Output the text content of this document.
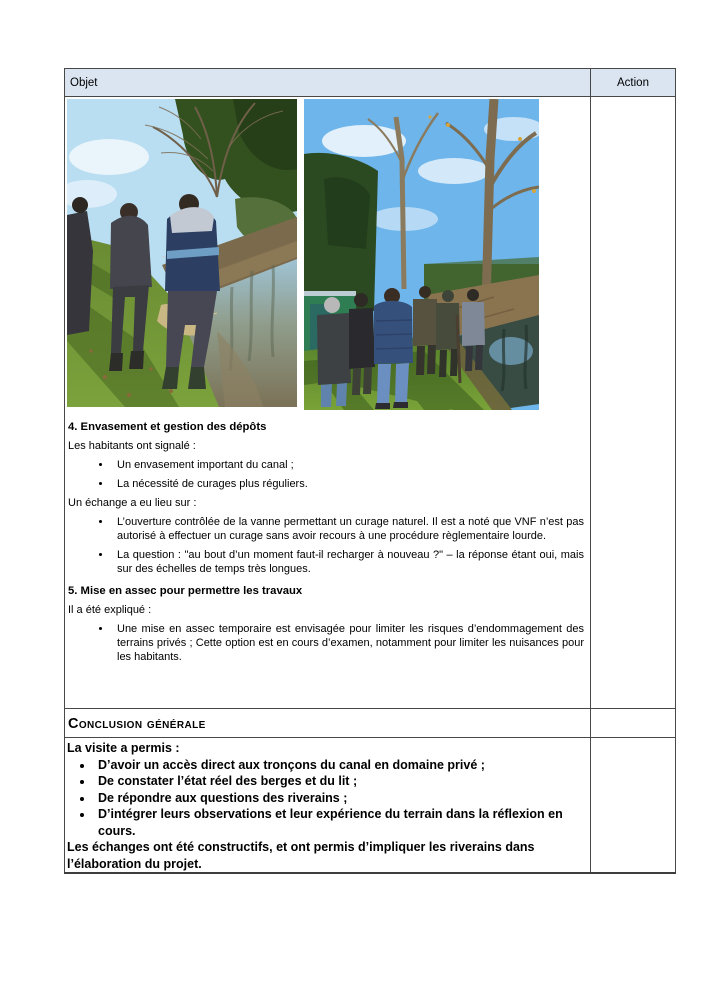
Objet	Action

4. Envasement et gestion des dépôts

Les habitants ont signalé :

• Un envasement important du canal ;
• La nécessité de curages plus réguliers.

Un échange a eu lieu sur :

• L’ouverture contrôlée de la vanne permettant un curage naturel. Il est a noté que VNF n’est pas autorisé à effectuer un curage sans avoir recours à une procédure règlementaire lourde.
• La question : "au bout d’un moment faut-il recharger à nouveau ?" – la réponse étant oui, mais sur des échelles de temps très longues.

5. Mise en assec pour permettre les travaux

Il a été expliqué :

• Une mise en assec temporaire est envisagée pour limiter les risques d’endommagement des terrains privés ; Cette option est en cours d’examen, notamment pour limiter les nuisances pour les habitants.

Conclusion générale	

La visite a permis :

• D’avoir un accès direct aux tronçons du canal en domaine privé ;
• De constater l’état réel des berges et du lit ;
• De répondre aux questions des riverains ;
• D’intégrer leurs observations et leur expérience du terrain dans la réflexion en cours.

Les échanges ont été constructifs, et ont permis d’impliquer les riverains dans l’élaboration du projet.
